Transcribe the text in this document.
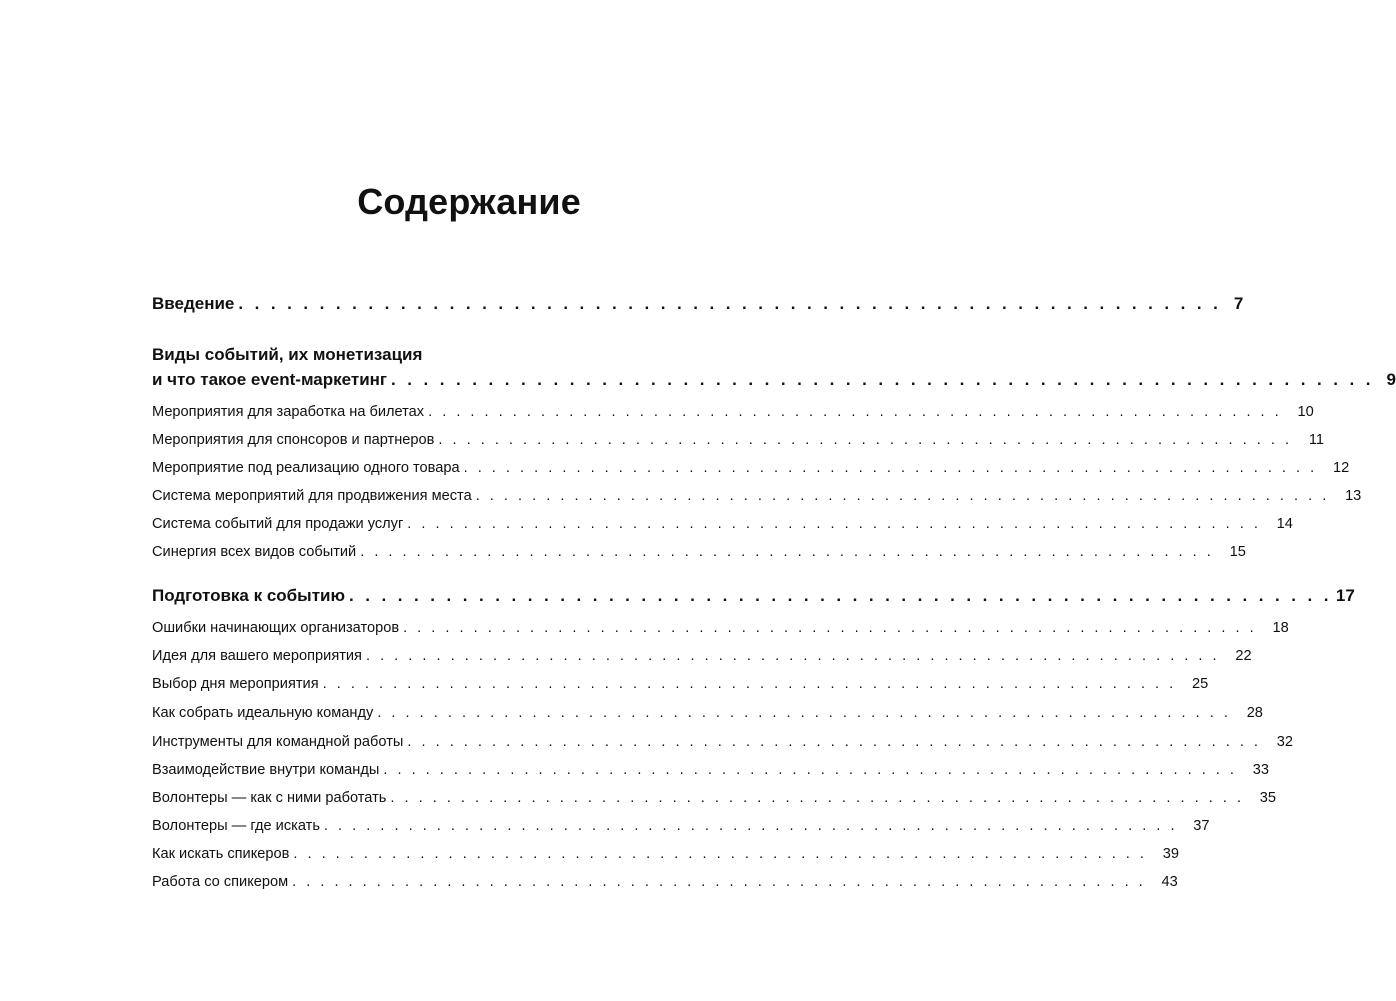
Содержание
Введение . . . . . . . . . . . . . . . . . . . . . . . . . . . . . . . . . . . . . . . . . . . . . . . . . . . . . . . . . . . . . 7
Виды событий, их монетизация
и что такое event-маркетинг . . . . . . . . . . . . . . . . . . . . . . . . . . . . . . . . . . . . . . . . . . . . . . . . . . . . . . . . . . . . . 9
Мероприятия для заработка на билетах . . . . . . . . . . . . . . . . . . . . . . . . . . . . . . . . . . . . . . . . . . . . . . . . . . . . . . . . . . . . .	10
Мероприятия для спонсоров и партнеров . . . . . . . . . . . . . . . . . . . . . . . . . . . . . . . . . . . . . . . . . . . . . . . . . . . . . . . . . . . . .	11
Мероприятие под реализацию одного товара . . . . . . . . . . . . . . . . . . . . . . . . . . . . . . . . . . . . . . . . . . . . . . . . . . . . . . . . . . . . .	12
Система мероприятий для продвижения места . . . . . . . . . . . . . . . . . . . . . . . . . . . . . . . . . . . . . . . . . . . . . . . . . . . . . . . . . . . . .	13
Система событий для продажи услуг . . . . . . . . . . . . . . . . . . . . . . . . . . . . . . . . . . . . . . . . . . . . . . . . . . . . . . . . . . . . .	14
Синергия всех видов событий . . . . . . . . . . . . . . . . . . . . . . . . . . . . . . . . . . . . . . . . . . . . . . . . . . . . . . . . . . . . .	15
Подготовка к событию . . . . . . . . . . . . . . . . . . . . . . . . . . . . . . . . . . . . . . . . . . . . . . . . . . . . . . . . . . . . . 17
Ошибки начинающих организаторов . . . . . . . . . . . . . . . . . . . . . . . . . . . . . . . . . . . . . . . . . . . . . . . . . . . . . . . . . . . . .	18
Идея для вашего мероприятия . . . . . . . . . . . . . . . . . . . . . . . . . . . . . . . . . . . . . . . . . . . . . . . . . . . . . . . . . . . . .	22
Выбор дня мероприятия . . . . . . . . . . . . . . . . . . . . . . . . . . . . . . . . . . . . . . . . . . . . . . . . . . . . . . . . . . . . .	25
Как собрать идеальную команду . . . . . . . . . . . . . . . . . . . . . . . . . . . . . . . . . . . . . . . . . . . . . . . . . . . . . . . . . . . . .	28
Инструменты для командной работы . . . . . . . . . . . . . . . . . . . . . . . . . . . . . . . . . . . . . . . . . . . . . . . . . . . . . . . . . . . . .	32
Взаимодействие внутри команды . . . . . . . . . . . . . . . . . . . . . . . . . . . . . . . . . . . . . . . . . . . . . . . . . . . . . . . . . . . . .	33
Волонтеры — как с ними работать . . . . . . . . . . . . . . . . . . . . . . . . . . . . . . . . . . . . . . . . . . . . . . . . . . . . . . . . . . . . .	35
Волонтеры — где искать . . . . . . . . . . . . . . . . . . . . . . . . . . . . . . . . . . . . . . . . . . . . . . . . . . . . . . . . . . . . .	37
Как искать спикеров . . . . . . . . . . . . . . . . . . . . . . . . . . . . . . . . . . . . . . . . . . . . . . . . . . . . . . . . . . . . .	39
Работа со спикером . . . . . . . . . . . . . . . . . . . . . . . . . . . . . . . . . . . . . . . . . . . . . . . . . . . . . . . . . . . . .	43
